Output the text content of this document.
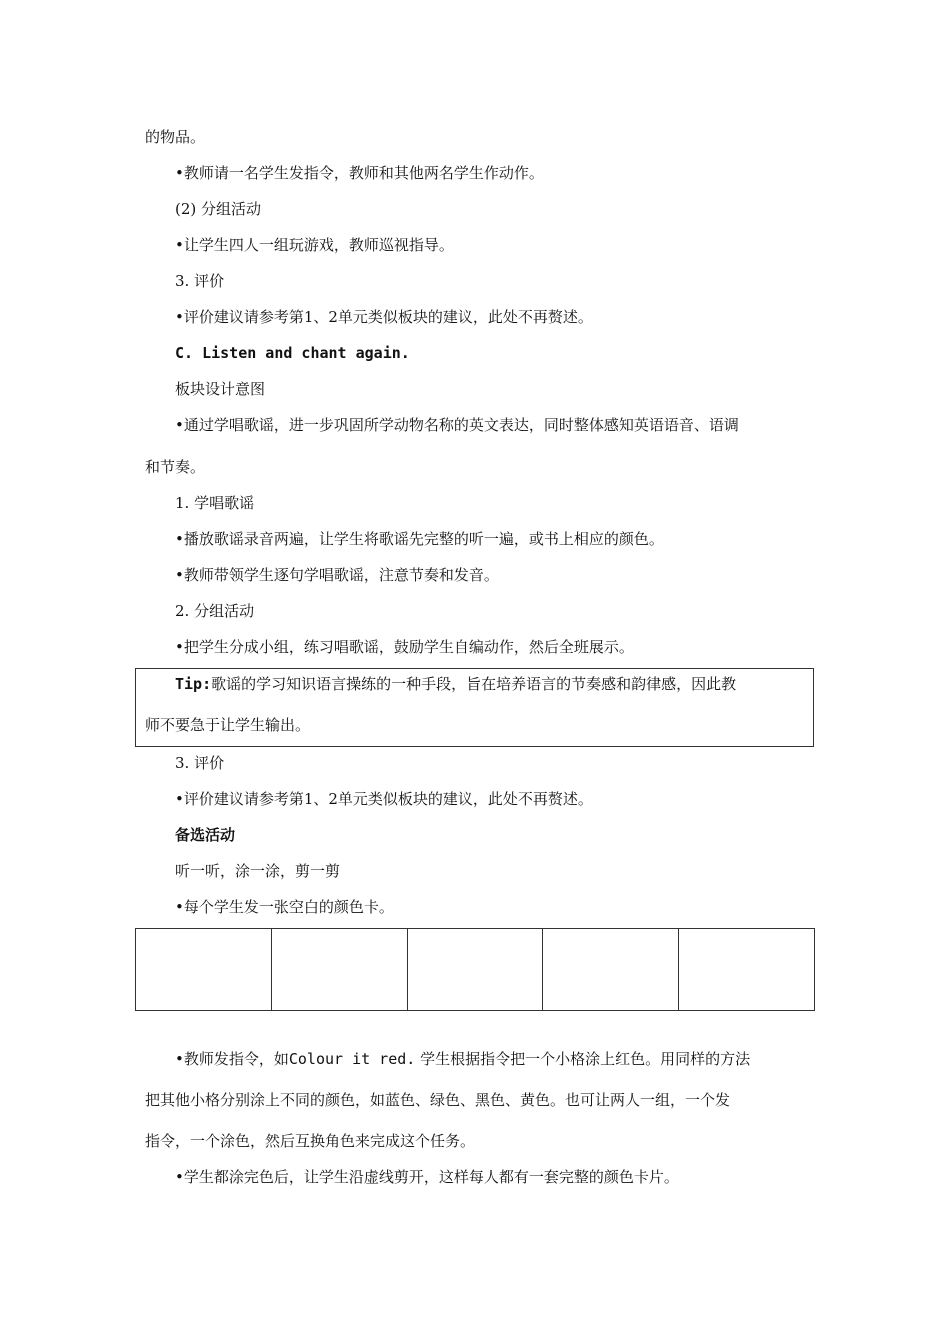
的物品。
•教师请一名学生发指令，教师和其他两名学生作动作。
(2) 分组活动
•让学生四人一组玩游戏，教师巡视指导。
3. 评价
•评价建议请参考第1、2单元类似板块的建议，此处不再赘述。
C. Listen and chant again.
板块设计意图
•通过学唱歌谣，进一步巩固所学动物名称的英文表达，同时整体感知英语语音、语调
和节奏。
1. 学唱歌谣
•播放歌谣录音两遍，让学生将歌谣先完整的听一遍，或书上相应的颜色。
•教师带领学生逐句学唱歌谣，注意节奏和发音。
2. 分组活动
•把学生分成小组，练习唱歌谣，鼓励学生自编动作，然后全班展示。
Tip:歌谣的学习知识语言操练的一种手段，旨在培养语言的节奏感和韵律感，因此教
师不要急于让学生输出。
3. 评价
•评价建议请参考第1、2单元类似板块的建议，此处不再赘述。
备选活动
听一听，涂一涂，剪一剪
•每个学生发一张空白的颜色卡。
•教师发指令，如Colour it red. 学生根据指令把一个小格涂上红色。用同样的方法
把其他小格分别涂上不同的颜色，如蓝色、绿色、黑色、黄色。也可让两人一组，一个发
指令，一个涂色，然后互换角色来完成这个任务。
•学生都涂完色后，让学生沿虚线剪开，这样每人都有一套完整的颜色卡片。
